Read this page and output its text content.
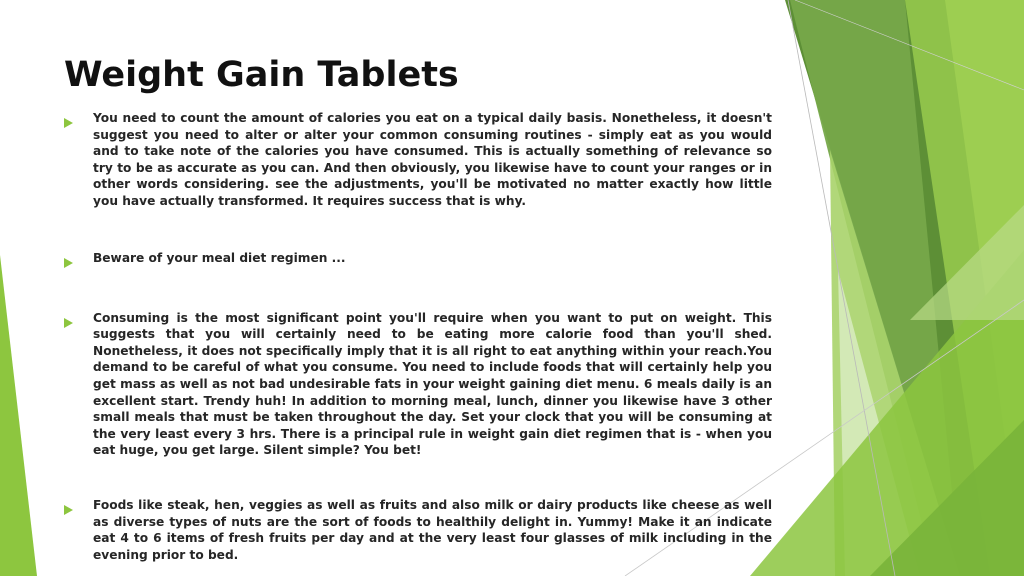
Weight Gain Tablets
You need to count the amount of calories you eat on a typical daily basis. Nonetheless, it doesn't suggest you need to alter or alter your common consuming routines - simply eat as you would and to take note of the calories you have consumed. This is actually something of relevance so try to be as accurate as you can. And then obviously, you likewise have to count your ranges or in other words considering. see the adjustments, you'll be motivated no matter exactly how little you have actually transformed. It requires success that is why.
Beware of your meal diet regimen ...
Consuming is the most significant point you'll require when you want to put on weight. This suggests that you will certainly need to be eating more calorie food than you'll shed. Nonetheless, it does not specifically imply that it is all right to eat anything within your reach.You demand to be careful of what you consume. You need to include foods that will certainly help you get mass as well as not bad undesirable fats in your weight gaining diet menu. 6 meals daily is an excellent start. Trendy huh! In addition to morning meal, lunch, dinner you likewise have 3 other small meals that must be taken throughout the day. Set your clock that you will be consuming at the very least every 3 hrs. There is a principal rule in weight gain diet regimen that is - when you eat huge, you get large. Silent simple? You bet!
Foods like steak, hen, veggies as well as fruits and also milk or dairy products like cheese as well as diverse types of nuts are the sort of foods to healthily delight in. Yummy! Make it an indicate eat 4 to 6 items of fresh fruits per day and at the very least four glasses of milk including in the evening prior to bed.
